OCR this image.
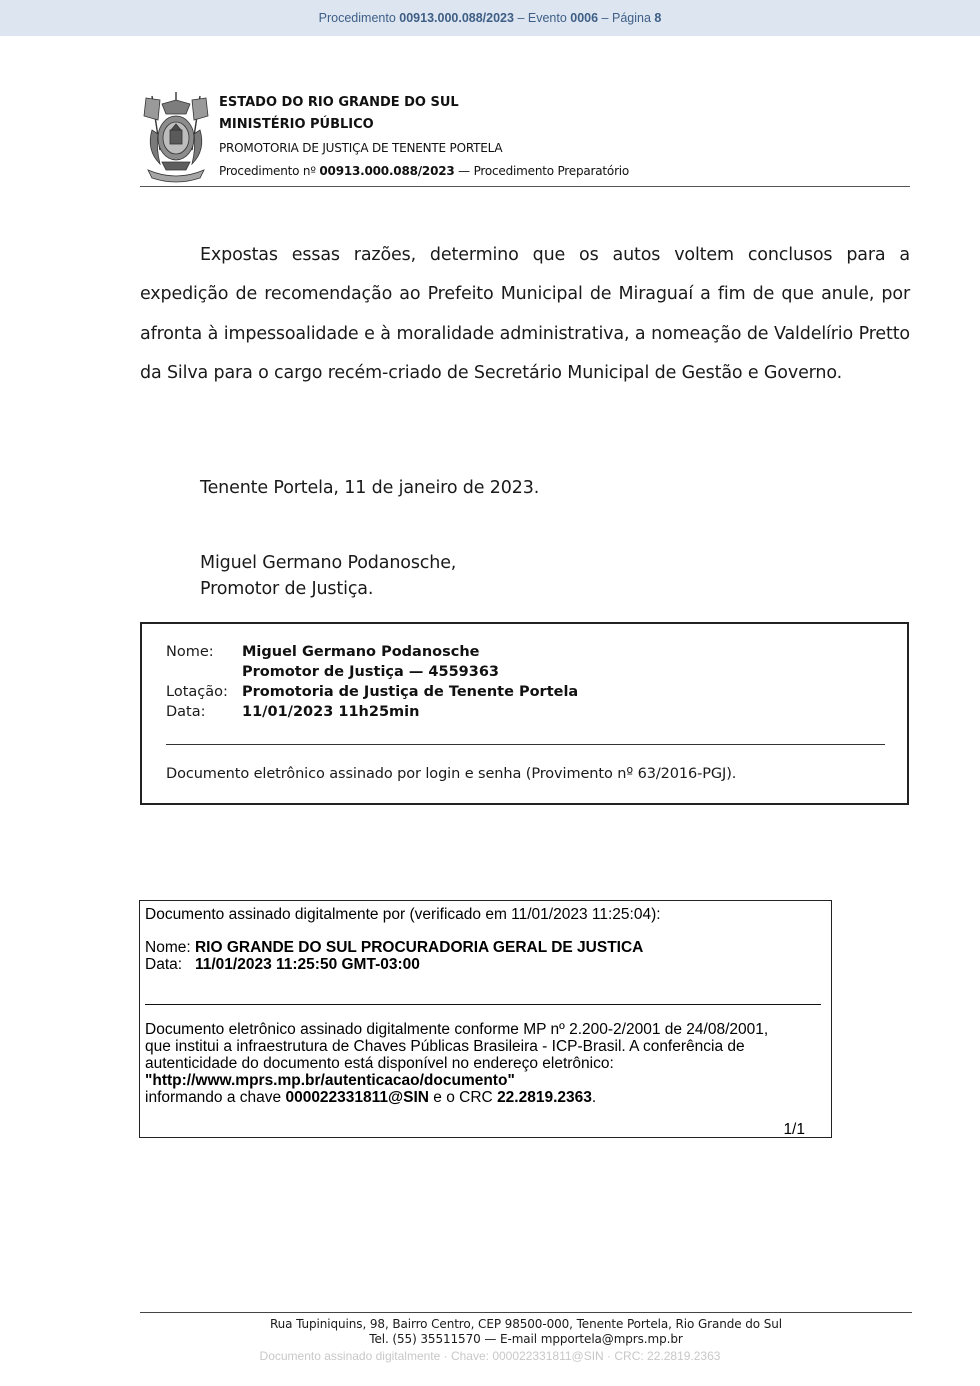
Procedimento 00913.000.088/2023 – Evento 0006 – Página 8
ESTADO DO RIO GRANDE DO SUL
MINISTÉRIO PÚBLICO
PROMOTORIA DE JUSTIÇA DE TENENTE PORTELA
Procedimento nº 00913.000.088/2023 — Procedimento Preparatório

Expostas essas razões, determino que os autos voltem conclusos para a expedição de recomendação ao Prefeito Municipal de Miraguaí a fim de que anule, por afronta à impessoalidade e à moralidade administrativa, a nomeação de Valdelírio Pretto da Silva para o cargo recém-criado de Secretário Municipal de Gestão e Governo.

Tenente Portela, 11 de janeiro de 2023.
Miguel Germano Podanosche,
Promotor de Justiça.
Nome:	Miguel Germano Podanosche
Promotor de Justiça — 4559363
Lotação: Promotoria de Justiça de Tenente Portela
Data:	11/01/2023 11h25min
Documento eletrônico assinado por login e senha (Provimento nº 63/2016-PGJ).
Documento assinado digitalmente por (verificado em 11/01/2023 11:25:04):
Nome: RIO GRANDE DO SUL PROCURADORIA GERAL DE JUSTICA
Data:   11/01/2023 11:25:50 GMT-03:00
Documento eletrônico assinado digitalmente conforme MP nº 2.200-2/2001 de 24/08/2001,
que institui a infraestrutura de Chaves Públicas Brasileira - ICP-Brasil. A conferência de
autenticidade do documento está disponível no endereço eletrônico:
"http://www.mprs.mp.br/autenticacao/documento"
informando a chave 000022331811@SIN e o CRC 22.2819.2363.
1/1
Rua Tupiniquins, 98, Bairro Centro, CEP 98500-000, Tenente Portela, Rio Grande do Sul
Tel. (55) 35511570 — E-mail mpportela@mprs.mp.br
Documento assinado digitalmente · Chave: 000022331811@SIN · CRC: 22.2819.2363
